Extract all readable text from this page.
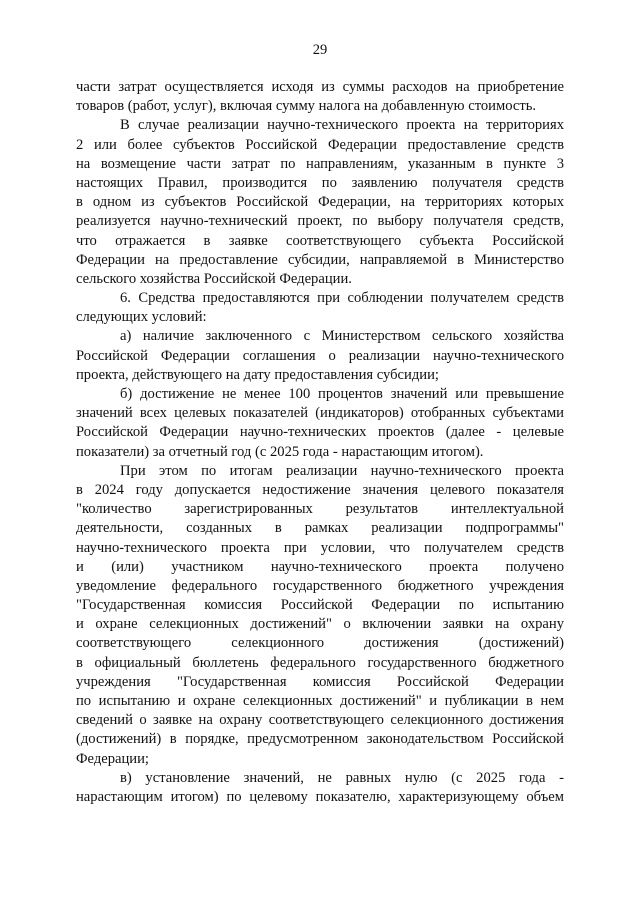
29
части затрат осуществляется исходя из суммы расходов на приобретение
товаров (работ, услуг), включая сумму налога на добавленную стоимость.
В случае реализации научно-технического проекта на территориях
2 или более субъектов Российской Федерации предоставление средств
на возмещение части затрат по направлениям, указанным в пункте 3
настоящих Правил, производится по заявлению получателя средств
в одном из субъектов Российской Федерации, на территориях которых
реализуется научно-технический проект, по выбору получателя средств,
что отражается в заявке соответствующего субъекта Российской
Федерации на предоставление субсидии, направляемой в Министерство
сельского хозяйства Российской Федерации.
6. Средства предоставляются при соблюдении получателем средств
следующих условий:
а) наличие заключенного с Министерством сельского хозяйства
Российской Федерации соглашения о реализации научно-технического
проекта, действующего на дату предоставления субсидии;
б) достижение не менее 100 процентов значений или превышение
значений всех целевых показателей (индикаторов) отобранных субъектами
Российской Федерации научно-технических проектов (далее - целевые
показатели) за отчетный год (с 2025 года - нарастающим итогом).
При этом по итогам реализации научно-технического проекта
в 2024 году допускается недостижение значения целевого показателя
"количество зарегистрированных результатов интеллектуальной
деятельности, созданных в рамках реализации подпрограммы"
научно-технического проекта при условии, что получателем средств
и (или) участником научно-технического проекта получено
уведомление федерального государственного бюджетного учреждения
"Государственная комиссия Российской Федерации по испытанию
и охране селекционных достижений" о включении заявки на охрану
соответствующего селекционного достижения (достижений)
в официальный бюллетень федерального государственного бюджетного
учреждения "Государственная комиссия Российской Федерации
по испытанию и охране селекционных достижений" и публикации в нем
сведений о заявке на охрану соответствующего селекционного достижения
(достижений) в порядке, предусмотренном законодательством Российской
Федерации;
в) установление значений, не равных нулю (с 2025 года -
нарастающим итогом) по целевому показателю, характеризующему объем
